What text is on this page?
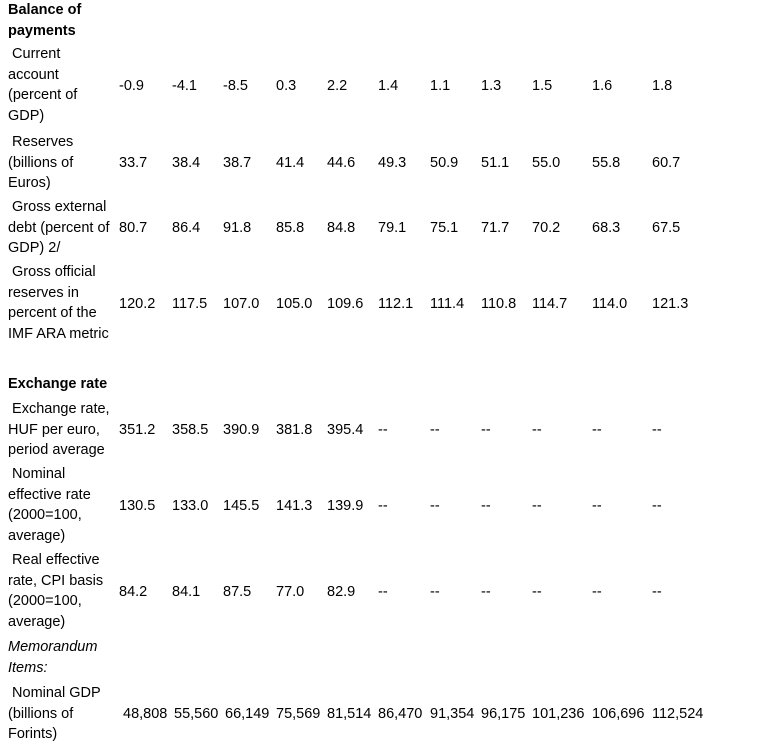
Balance of
payments
Current
account
(percent of
GDP)
-0.9 -4.1 -8.5 0.3 2.2 1.4 1.1 1.3 1.5	1.6	1.8
Reserves
(billions of
Euros)
33.7 38.4 38.7 41.4 44.6 49.3 50.9 51.1 55.0 55.8 60.7
Gross external
debt (percent of
GDP) 2/
80.7 86.4 91.8 85.8 84.8 79.1 75.1 71.7 70.2 68.3 67.5
Gross official
reserves in
percent of the
IMF ARA metric
120.2 117.5 107.0 105.0 109.6 112.1 111.4 110.8 114.7 114.0 121.3
Exchange rate
Exchange rate,
HUF per euro,
period average
351.2 358.5 390.9 381.8 395.4 --	--	--	--	--	--
Nominal
effective rate
(2000=100,
average)
130.5 133.0 145.5 141.3 139.9 --	--	--	--	--	--
Real effective
rate, CPI basis
(2000=100,
average)
84.2 84.1 87.5 77.0 82.9 --	--	--	--	--	--
Memorandum
Items:
Nominal GDP
(billions of
Forints)
48,808 55,560 66,149 75,569 81,514 86,470 91,354 96,175 101,236 106,696 112,524
